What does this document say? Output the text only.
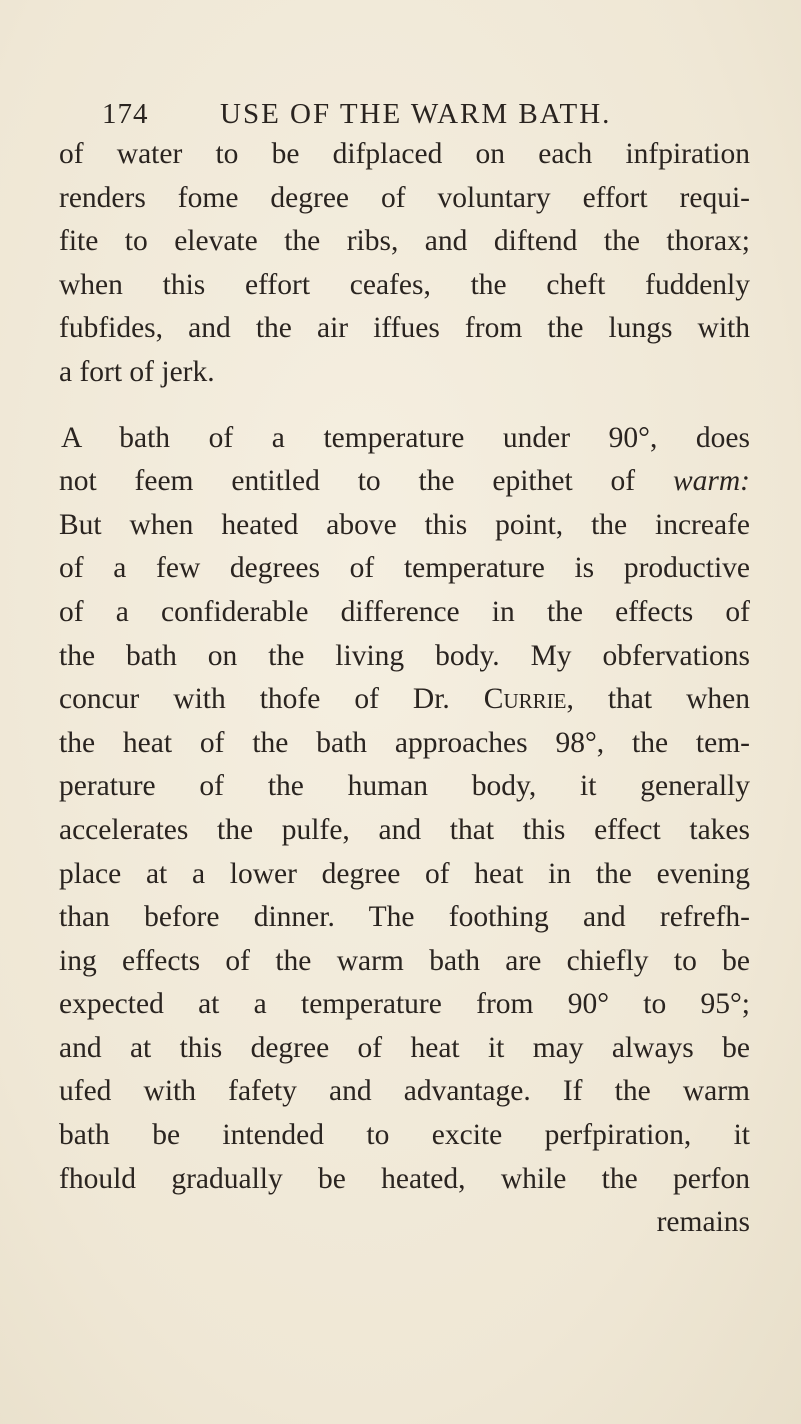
174 USE OF THE WARM BATH.
of water to be difplaced on each infpiration
renders fome degree of voluntary effort requi-
fite to elevate the ribs, and diftend the thorax;
when this effort ceafes, the cheft fuddenly
fubfides, and the air iffues from the lungs with
a fort of jerk.
A bath of a temperature under 90°, does
not feem entitled to the epithet of warm:
But when heated above this point, the increafe
of a few degrees of temperature is productive
of a confiderable difference in the effects of
the bath on the living body. My obfervations
concur with thofe of Dr. Currie, that when
the heat of the bath approaches 98°, the tem-
perature of the human body, it generally
accelerates the pulfe, and that this effect takes
place at a lower degree of heat in the evening
than before dinner. The foothing and refrefh-
ing effects of the warm bath are chiefly to be
expected at a temperature from 90° to 95°;
and at this degree of heat it may always be
ufed with fafety and advantage. If the warm
bath be intended to excite perfpiration, it
fhould gradually be heated, while the perfon
remains
